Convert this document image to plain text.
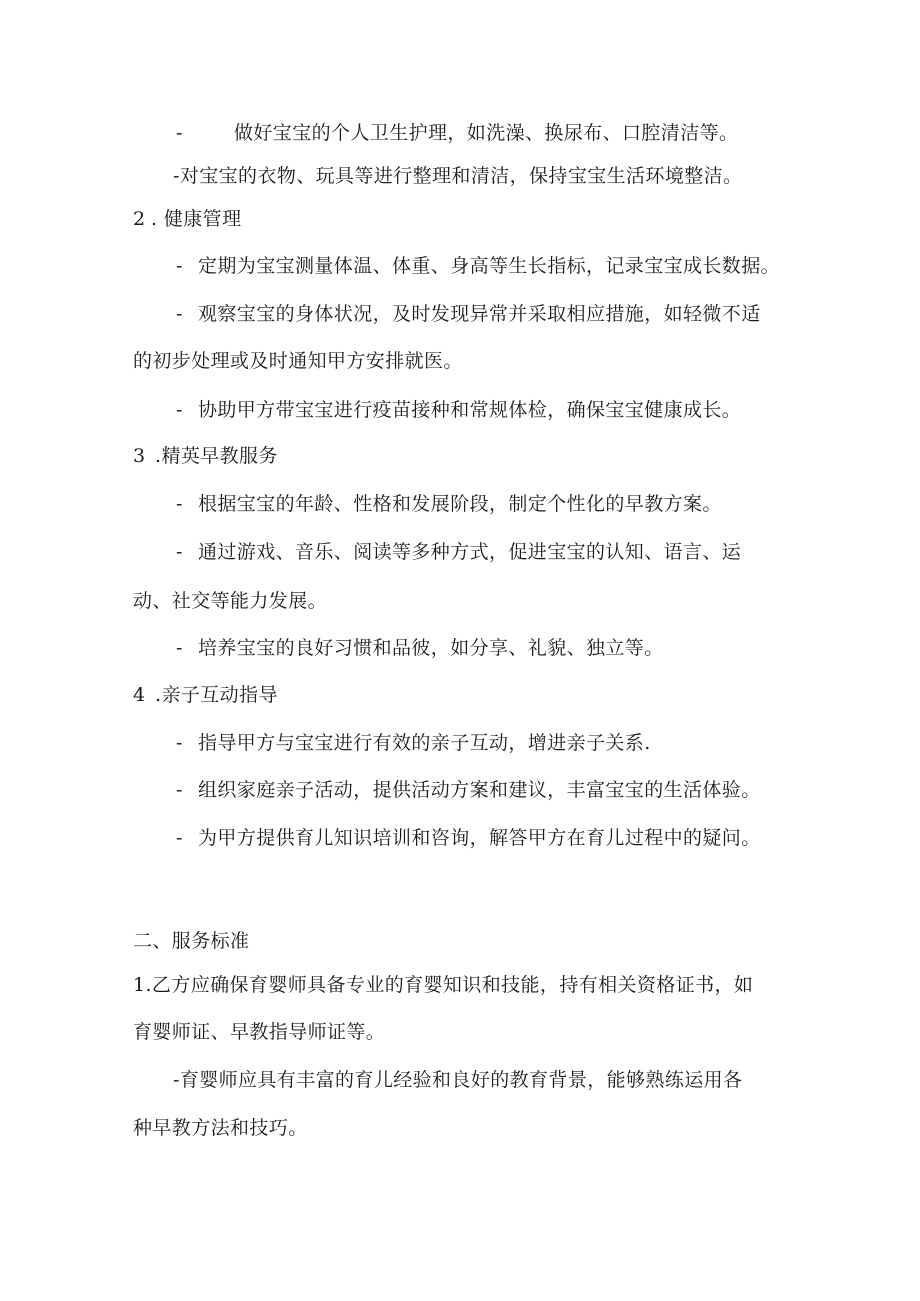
-	做好宝宝的个人卫生护理，如洗澡、换尿布、口腔清洁等。
-对宝宝的衣物、玩具等进行整理和清洁，保持宝宝生活环境整洁。
2 . 健康管理
- 定期为宝宝测量体温、体重、身高等生长指标，记录宝宝成长数据。
- 观察宝宝的身体状况，及时发现异常并采取相应措施，如轻微不适
的初步处理或及时通知甲方安排就医。
- 协助甲方带宝宝进行疫苗接种和常规体检，确保宝宝健康成长。
3 .精英早教服务
- 根据宝宝的年龄、性格和发展阶段，制定个性化的早教方案。
- 通过游戏、音乐、阅读等多种方式，促进宝宝的认知、语言、运
动、社交等能力发展。
- 培养宝宝的良好习惯和品彼，如分享、礼貌、独立等。
4 .亲子互动指导
- 指导甲方与宝宝进行有效的亲子互动，增进亲子关系.
- 组织家庭亲子活动，提供活动方案和建议，丰富宝宝的生活体验。
- 为甲方提供育儿知识培训和咨询，解答甲方在育儿过程中的疑问。
二、服务标准
1.乙方应确保育婴师具备专业的育婴知识和技能，持有相关资格证书，如
育婴师证、早教指导师证等。
-育婴师应具有丰富的育儿经验和良好的教育背景，能够熟练运用各
种早教方法和技巧。
